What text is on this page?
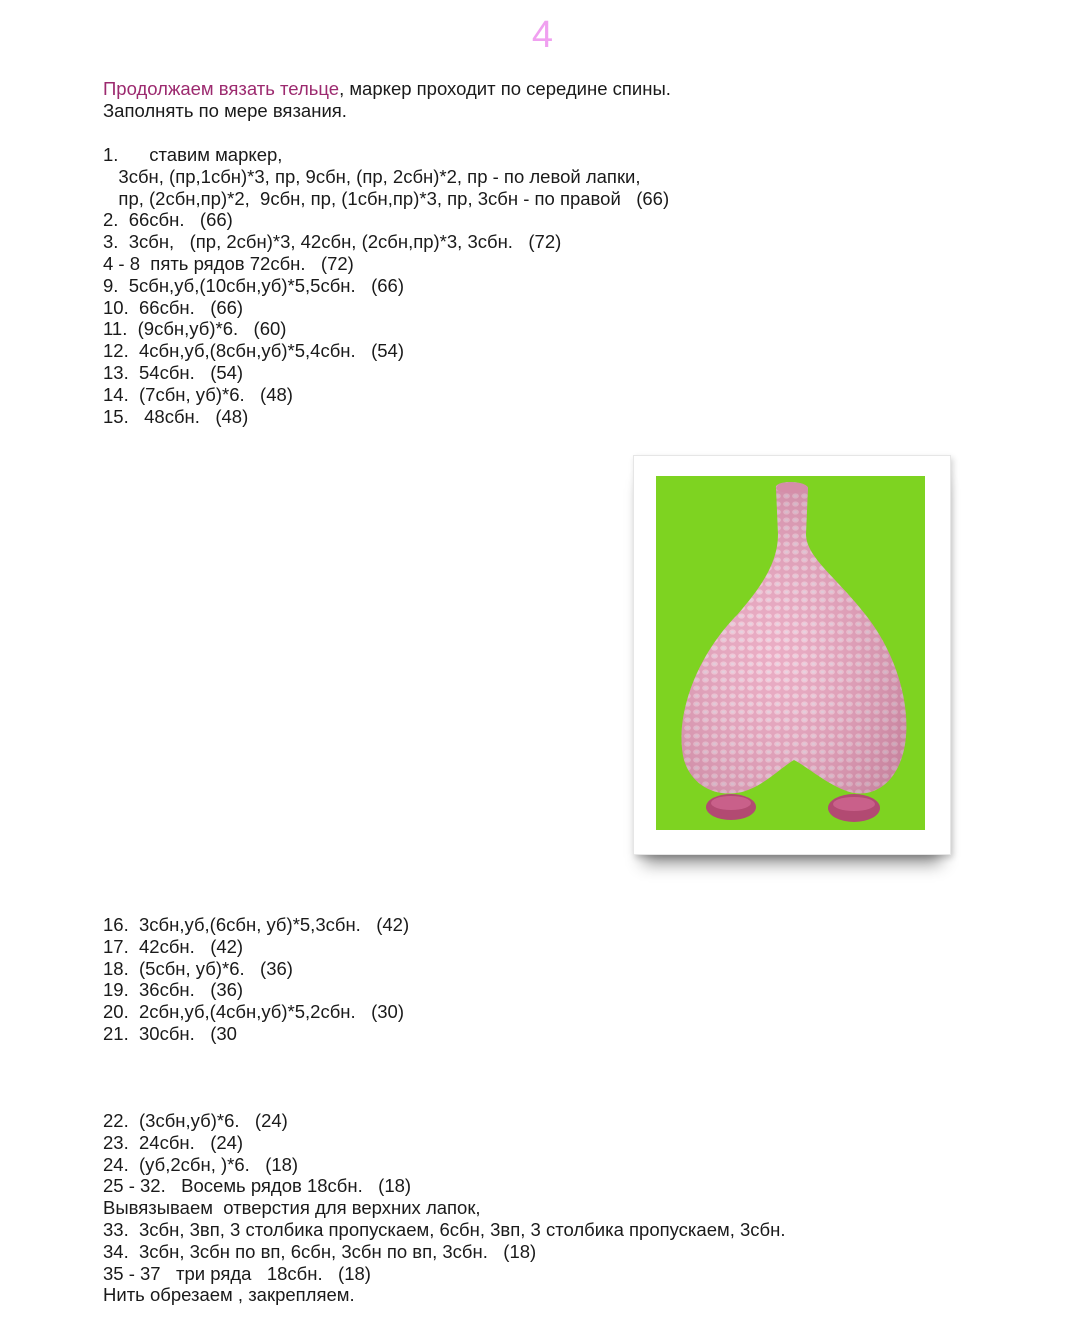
4
Продолжаем вязать тельце, маркер проходит по середине спины.
Заполнять по мере вязания.
1.      ставим маркер,
3сбн, (пр,1сбн)*3, пр, 9сбн, (пр, 2сбн)*2, пр - по левой лапки,
пр, (2сбн,пр)*2,  9сбн, пр, (1сбн,пр)*3, пр, 3сбн - по правой   (66)
2.  66сбн.   (66)
3.  3сбн,   (пр, 2сбн)*3, 42сбн, (2сбн,пр)*3, 3сбн.   (72)
4 - 8  пять рядов 72сбн.   (72)
9.  5сбн,уб,(10сбн,уб)*5,5сбн.   (66)
10.  66сбн.   (66)
11.  (9сбн,уб)*6.   (60)
12.  4сбн,уб,(8сбн,уб)*5,4сбн.   (54)
13.  54сбн.   (54)
14.  (7сбн, уб)*6.   (48)
15.   48сбн.   (48)
16.  3сбн,уб,(6сбн, уб)*5,3сбн.   (42)
17.  42сбн.   (42)
18.  (5сбн, уб)*6.   (36)
19.  36сбн.   (36)
20.  2сбн,уб,(4сбн,уб)*5,2сбн.   (30)
21.  30сбн.   (30
22.  (3сбн,уб)*6.   (24)
23.  24сбн.   (24)
24.  (уб,2сбн, )*6.   (18)
25 - 32.   Восемь рядов 18сбн.   (18)
Вывязываем  отверстия для верхних лапок,
33.  3сбн, 3вп, 3 столбика пропускаем, 6сбн, 3вп, 3 столбика пропускаем, 3сбн.
34.  3сбн, 3сбн по вп, 6сбн, 3сбн по вп, 3сбн.   (18)
35 - 37   три ряда   18сбн.   (18)
Нить обрезаем , закрепляем.
